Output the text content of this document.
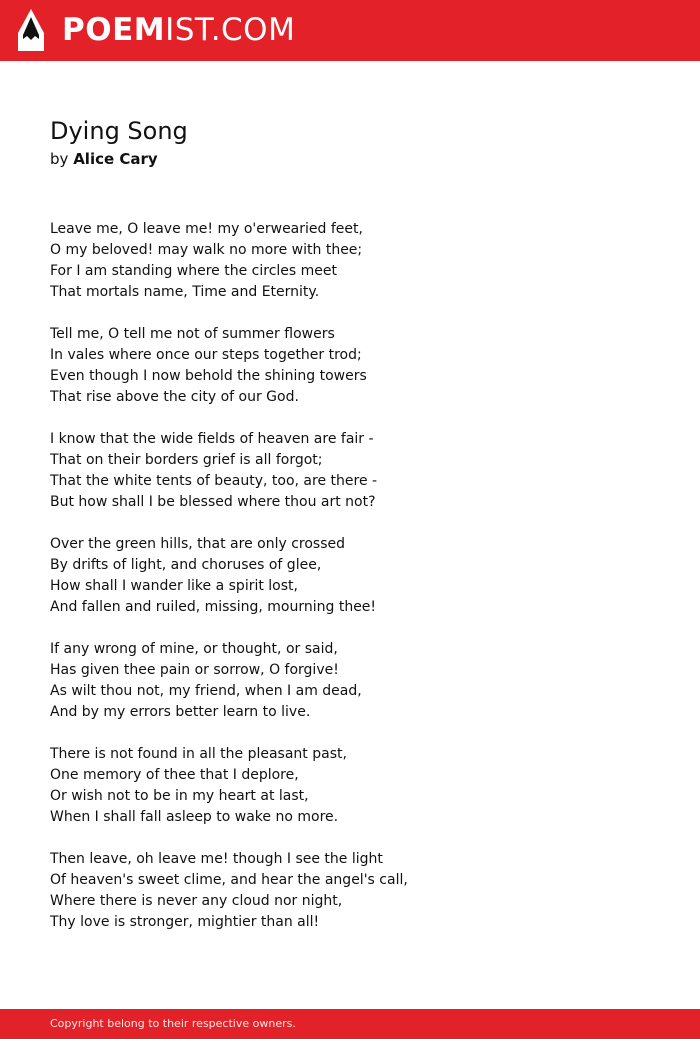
POEMIST.COM
Dying Song
by Alice Cary
Leave me, O leave me! my o'erwearied feet,
O my beloved! may walk no more with thee;
For I am standing where the circles meet
That mortals name, Time and Eternity.
Tell me, O tell me not of summer flowers
In vales where once our steps together trod;
Even though I now behold the shining towers
That rise above the city of our God.
I know that the wide fields of heaven are fair -
That on their borders grief is all forgot;
That the white tents of beauty, too, are there -
But how shall I be blessed where thou art not?
Over the green hills, that are only crossed
By drifts of light, and choruses of glee,
How shall I wander like a spirit lost,
And fallen and ruiled, missing, mourning thee!
If any wrong of mine, or thought, or said,
Has given thee pain or sorrow, O forgive!
As wilt thou not, my friend, when I am dead,
And by my errors better learn to live.
There is not found in all the pleasant past,
One memory of thee that I deplore,
Or wish not to be in my heart at last,
When I shall fall asleep to wake no more.
Then leave, oh leave me! though I see the light
Of heaven's sweet clime, and hear the angel's call,
Where there is never any cloud nor night,
Thy love is stronger, mightier than all!
Copyright belong to their respective owners.
